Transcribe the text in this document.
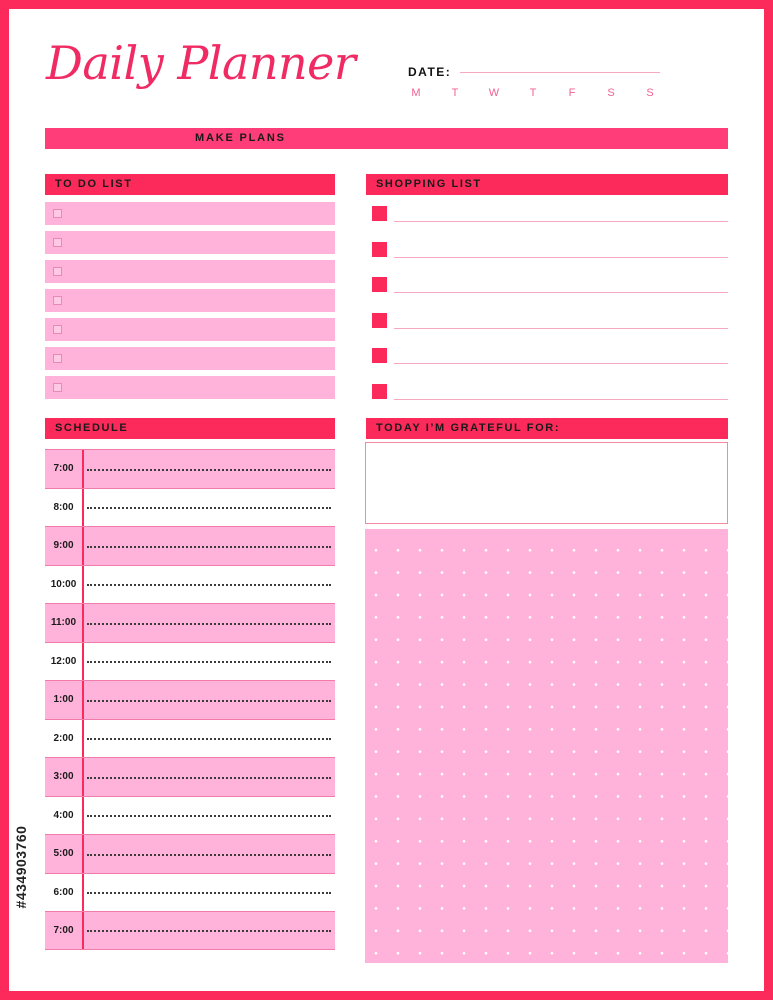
Daily Planner	DATE:
M	T	W	T	F	S	S
MAKE PLANS
TO DO LIST	SHOPPING LIST
SCHEDULE
7:00
8:00
9:00
10:00
11:00
12:00
1:00
2:00
3:00
4:00
5:00
6:00
7:00
TODAY I’M GRATEFUL FOR:
#434903760
